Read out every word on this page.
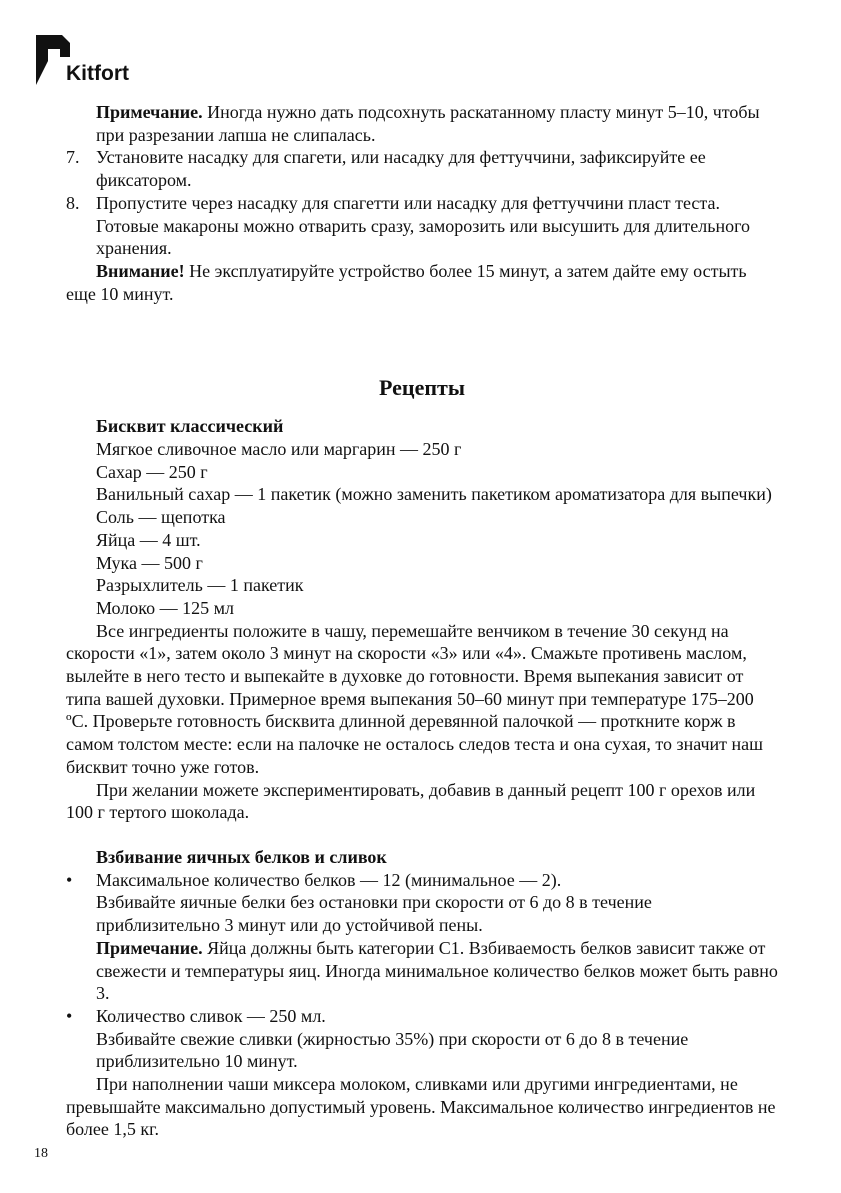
Kitfort

Примечание. Иногда нужно дать подсохнуть раскатанному пласту минут 5–10, чтобы при разрезании лапша не слипалась.

7. Установите насадку для спагети, или насадку для феттуччини, зафиксируйте ее фиксатором.
8. Пропустите через насадку для спагетти или насадку для феттуччини пласт теста. Готовые макароны можно отварить сразу, заморозить или высушить для длительного хранения.

Внимание! Не эксплуатируйте устройство более 15 минут, а затем дайте ему остыть еще 10 минут.

Рецепты
Бисквит классический
Мягкое сливочное масло или маргарин — 250 г
Сахар — 250 г
Ванильный сахар — 1 пакетик (можно заменить пакетиком ароматизатора для выпечки)
Соль — щепотка
Яйца — 4 шт.
Мука — 500 г
Разрыхлитель — 1 пакетик
Молоко — 125 мл

Все ингредиенты положите в чашу, перемешайте венчиком в течение 30 секунд на скорости «1», затем около 3 минут на скорости «3» или «4». Смажьте противень маслом, вылейте в него тесто и выпекайте в духовке до готовности. Время выпекания зависит от типа вашей духовки. Примерное время выпекания 50–60 минут при температуре 175–200 ºС. Проверьте готовность бисквита длинной деревянной палочкой — проткните корж в самом толстом месте: если на палочке не осталось следов теста и она сухая, то значит наш бисквит точно уже готов.

При желании можете экспериментировать, добавив в данный рецепт 100 г орехов или 100 г тертого шоколада.

Взбивание яичных белков и сливок
•	Максимальное количество белков — 12 (минимальное — 2).

Взбивайте яичные белки без остановки при скорости от 6 до 8 в течение приблизительно 3 минут или до устойчивой пены.

Примечание. Яйца должны быть категории С1. Взбиваемость белков зависит также от свежести и температуры яиц. Иногда минимальное количество белков может быть равно 3.

•	Количество сливок — 250 мл.

Взбивайте свежие сливки (жирностью 35%) при скорости от 6 до 8 в течение приблизительно 10 минут.

При наполнении чаши миксера молоком, сливками или другими ингредиентами, не превышайте максимально допустимый уровень. Максимальное количество ингредиентов не более 1,5 кг.

18
